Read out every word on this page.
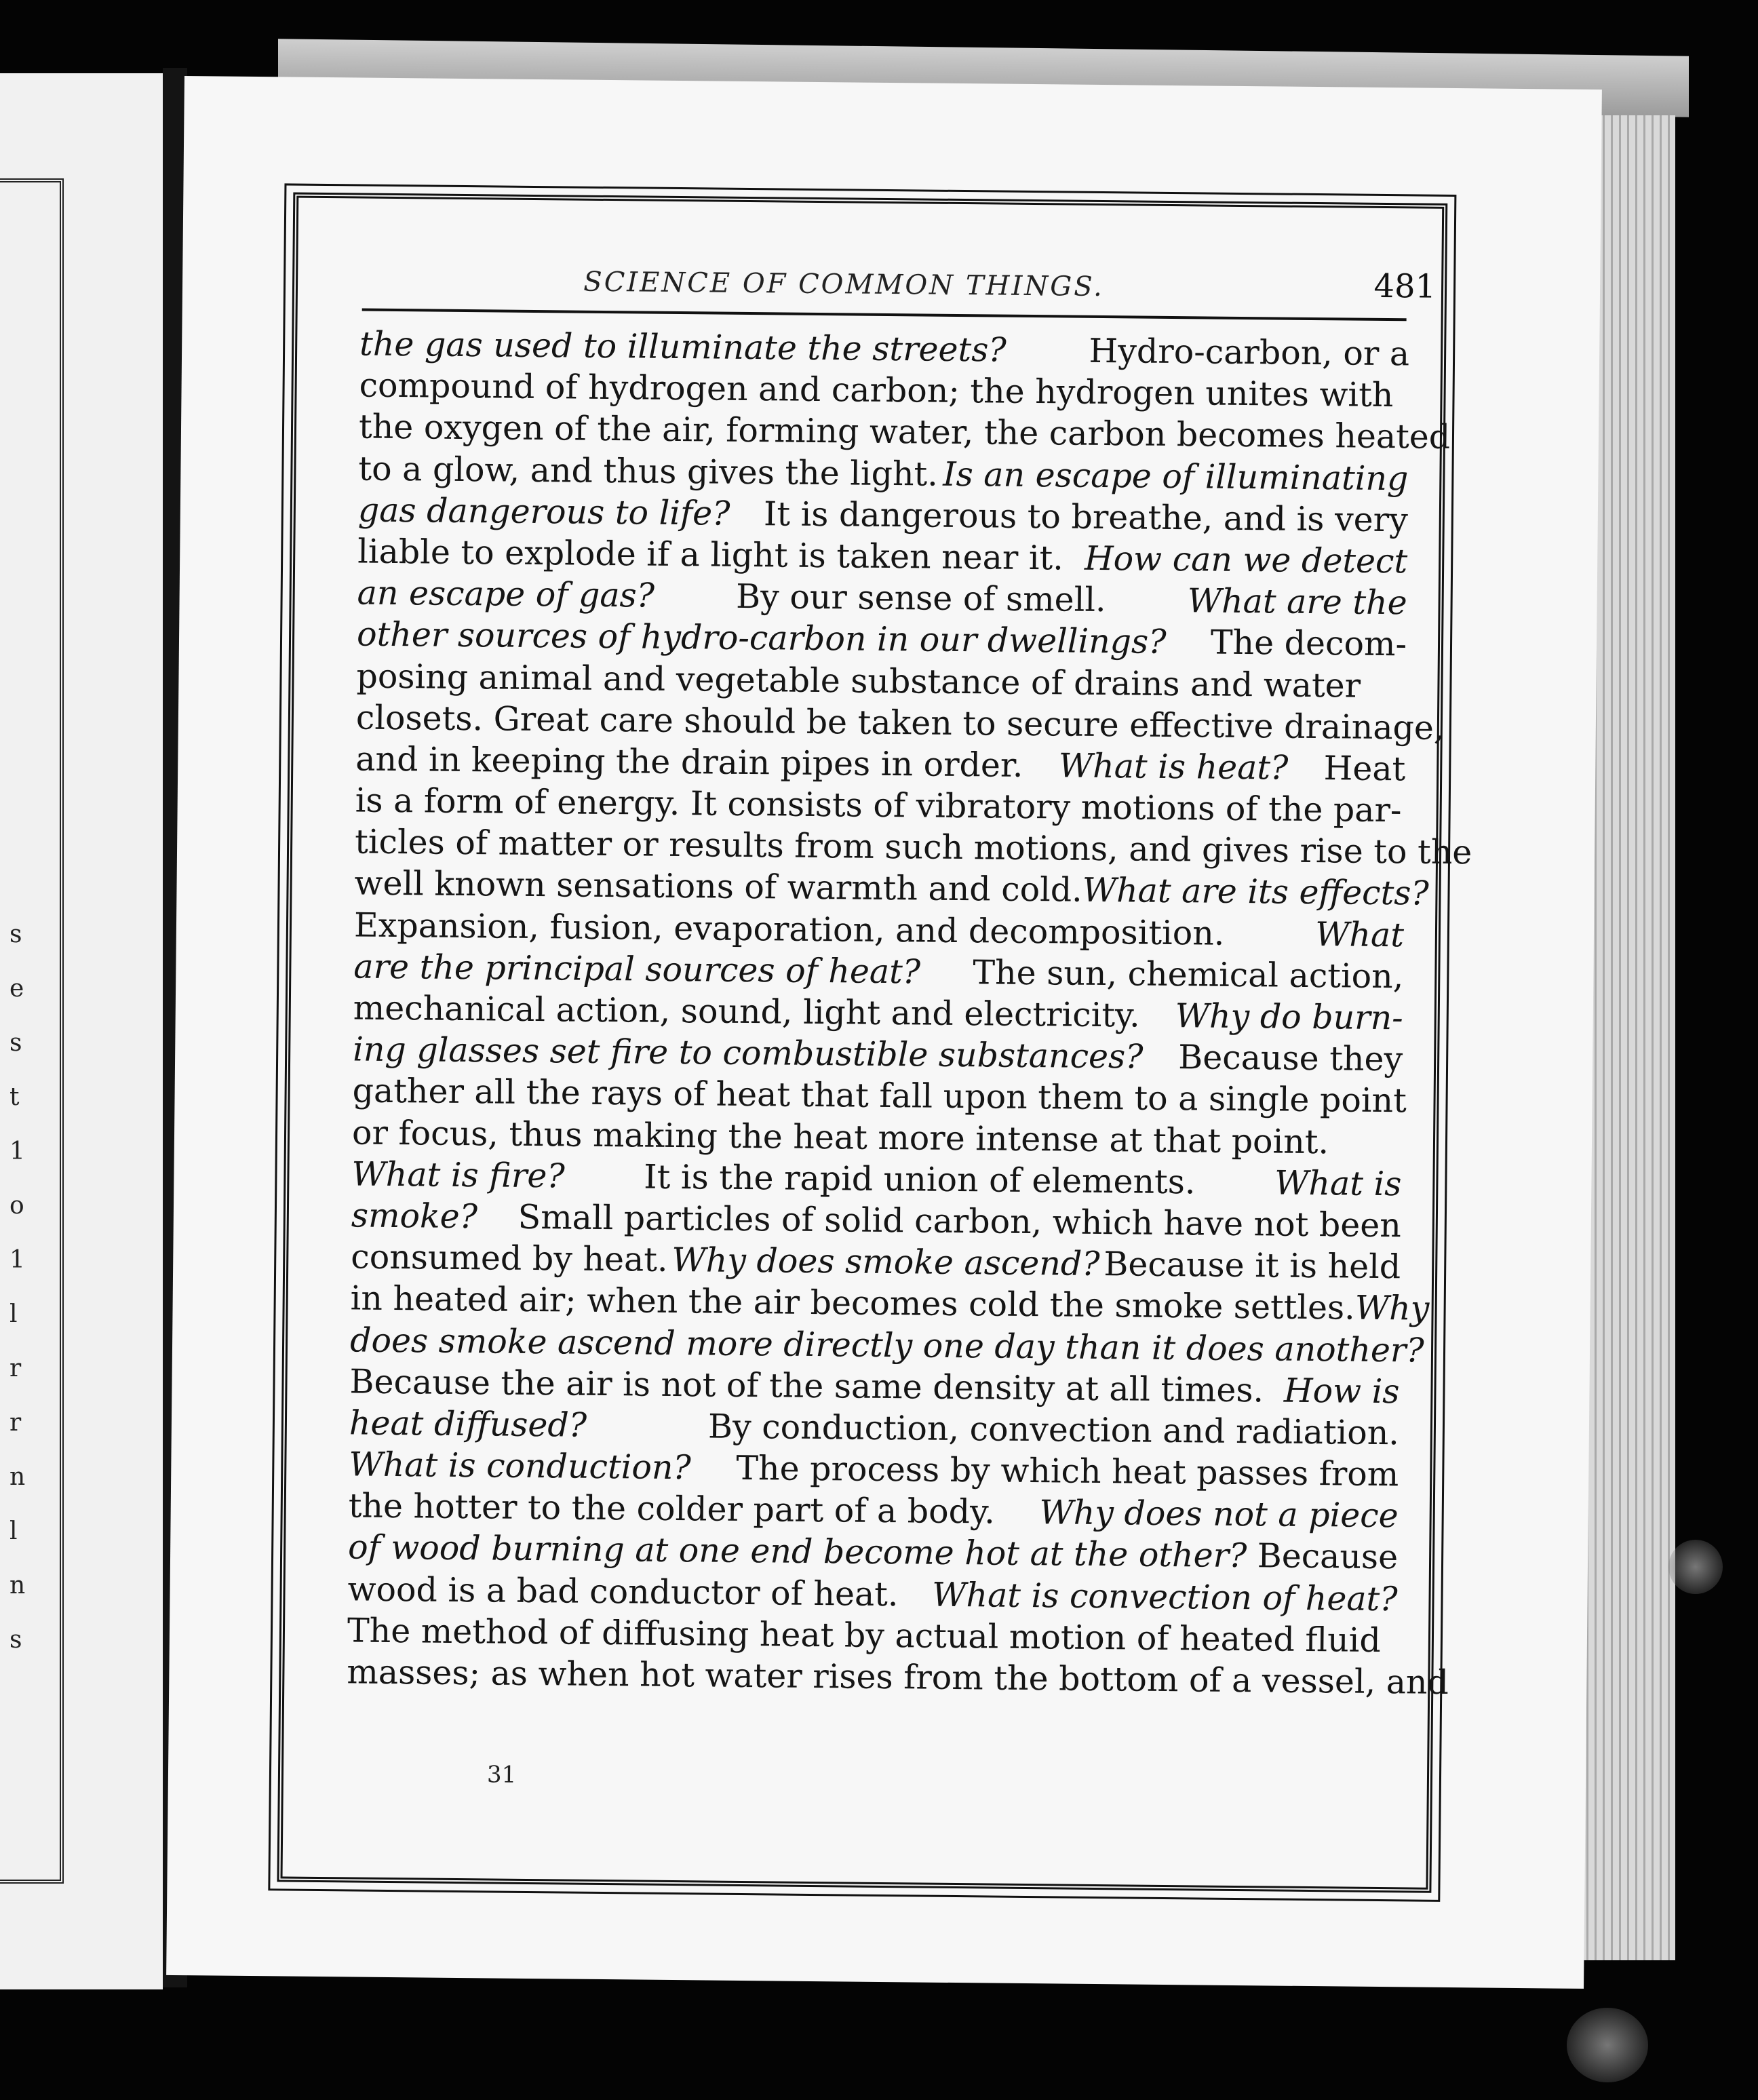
s
e
s
t
1
o
1
l
r
r
n
l
n
s
SCIENCE OF COMMON THINGS.	481
the gas used to illuminate the streets? Hydro-carbon, or a
compound of hydrogen and carbon; the hydrogen unites with
the oxygen of the air, forming water, the carbon becomes heated
to a glow, and thus gives the light. Is an escape of illuminating
gas dangerous to life? It is dangerous to breathe, and is very
liable to explode if a light is taken near it. How can we detect
an escape of gas? By our sense of smell. What are the
other sources of hydro-carbon in our dwellings? The decom-
posing animal and vegetable substance of drains and water
closets. Great care should be taken to secure effective drainage,
and in keeping the drain pipes in order. What is heat? Heat
is a form of energy. It consists of vibratory motions of the par-
ticles of matter or results from such motions, and gives rise to the
well known sensations of warmth and cold. What are its effects?
Expansion, fusion, evaporation, and decomposition.	What
are the principal sources of heat? The sun, chemical action,
mechanical action, sound, light and electricity. Why do burn-
ing glasses set fire to combustible substances? Because they
gather all the rays of heat that fall upon them to a single point
or focus, thus making the heat more intense at that point.
What is fire? It is the rapid union of elements. What is
smoke? Small particles of solid carbon, which have not been
consumed by heat. Why does smoke ascend? Because it is held
in heated air; when the air becomes cold the smoke settles. Why
does smoke ascend more directly one day than it does another?
Because the air is not of the same density at all times. How is
heat diffused?	By conduction, convection and radiation.
What is conduction? The process by which heat passes from
the hotter to the colder part of a body. Why does not a piece
of wood burning at one end become hot at the other? Because
wood is a bad conductor of heat. What is convection of heat?
The method of diffusing heat by actual motion of heated fluid
masses; as when hot water rises from the bottom of a vessel, and
31
